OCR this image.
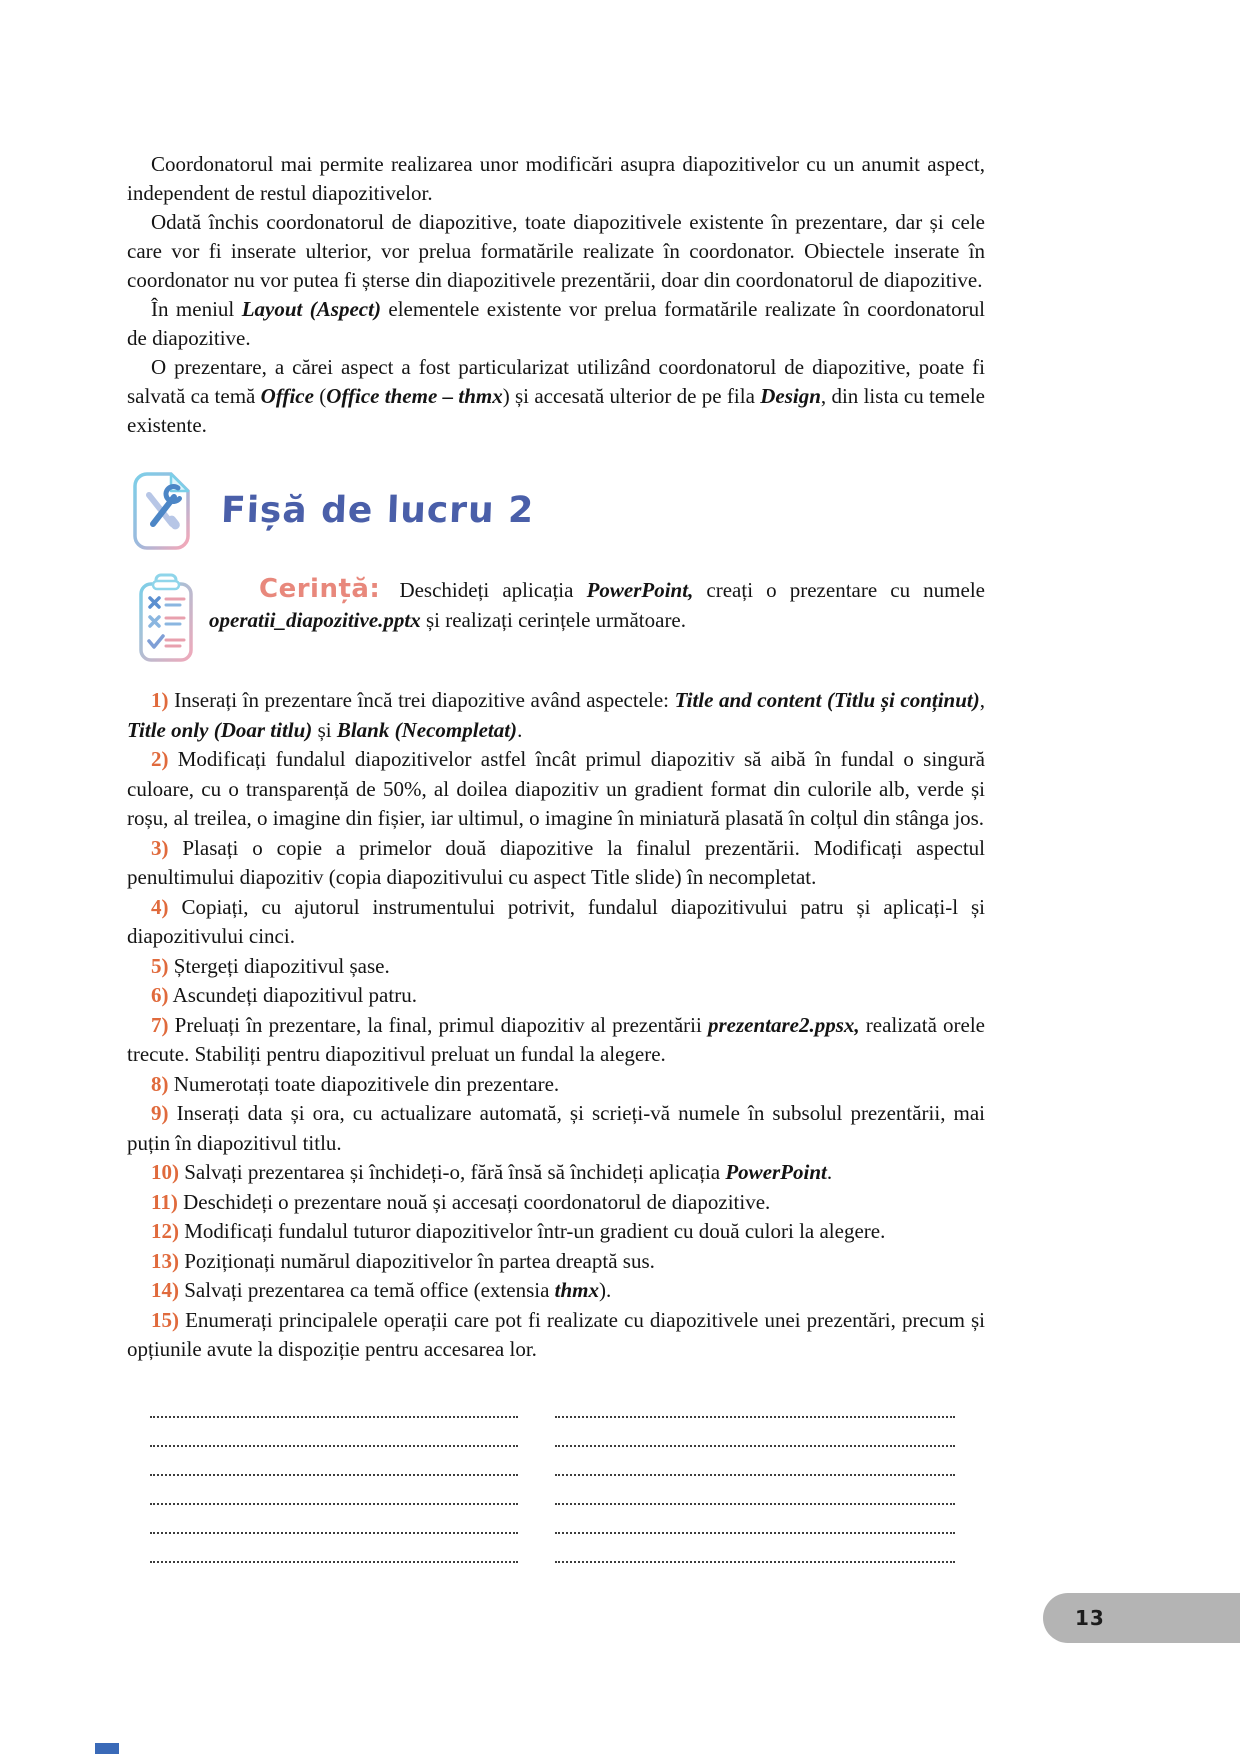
Coordonatorul mai permite realizarea unor modificări asupra diapozitivelor cu un anumit aspect, independent de restul diapozitivelor.

Odată închis coordonatorul de diapozitive, toate diapozitivele existente în prezentare, dar și cele care vor fi inserate ulterior, vor prelua formatările realizate în coordonator. Obiectele inserate în coordonator nu vor putea fi șterse din diapozitivele prezentării, doar din coordonatorul de diapozitive.

În meniul Layout (Aspect) elementele existente vor prelua formatările realizate în coordonatorul de diapozitive.

O prezentare, a cărei aspect a fost particularizat utilizând coordonatorul de diapozitive, poate fi salvată ca temă Office (Office theme – thmx) și accesată ulterior de pe fila Design, din lista cu temele existente.

Fișă de lucru 2

Cerință: Deschideți aplicația PowerPoint, creați o prezentare cu numele operatii_diapozitive.pptx și realizați cerințele următoare.

1) Inserați în prezentare încă trei diapozitive având aspectele: Title and content (Titlu și conținut), Title only (Doar titlu) și Blank (Necompletat).

2) Modificați fundalul diapozitivelor astfel încât primul diapozitiv să aibă în fundal o singură culoare, cu o transparență de 50%, al doilea diapozitiv un gradient format din culorile alb, verde și roșu, al treilea, o imagine din fișier, iar ultimul, o imagine în miniatură plasată în colțul din stânga jos.

3) Plasați o copie a primelor două diapozitive la finalul prezentării. Modificați aspectul penultimului diapozitiv (copia diapozitivului cu aspect Title slide) în necompletat.

4) Copiați, cu ajutorul instrumentului potrivit, fundalul diapozitivului patru și aplicați-l și diapozitivului cinci.

5) Ștergeți diapozitivul șase.

6) Ascundeți diapozitivul patru.

7) Preluați în prezentare, la final, primul diapozitiv al prezentării prezentare2.ppsx, realizată orele trecute. Stabiliți pentru diapozitivul preluat un fundal la alegere.

8) Numerotați toate diapozitivele din prezentare.

9) Inserați data și ora, cu actualizare automată, și scrieți-vă numele în subsolul prezentării, mai puțin în diapozitivul titlu.

10) Salvați prezentarea și închideți-o, fără însă să închideți aplicația PowerPoint.

11) Deschideți o prezentare nouă și accesați coordonatorul de diapozitive.

12) Modificați fundalul tuturor diapozitivelor într-un gradient cu două culori la alegere.

13) Poziționați numărul diapozitivelor în partea dreaptă sus.

14) Salvați prezentarea ca temă office (extensia thmx).

15) Enumerați principalele operații care pot fi realizate cu diapozitivele unei prezentări, precum și opțiunile avute la dispoziție pentru accesarea lor.

13
